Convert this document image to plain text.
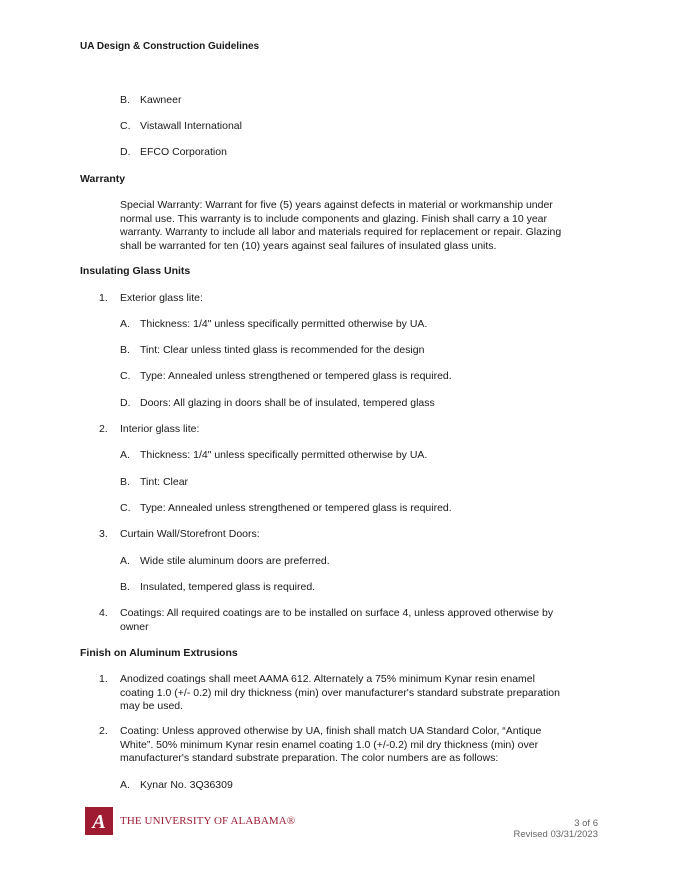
UA Design & Construction Guidelines
B. Kawneer
C. Vistawall International
D. EFCO Corporation
Warranty
Special Warranty: Warrant for five (5) years against defects in material or workmanship under
normal use. This warranty is to include components and glazing. Finish shall carry a 10 year
warranty. Warranty to include all labor and materials required for replacement or repair. Glazing
shall be warranted for ten (10) years against seal failures of insulated glass units.
Insulating Glass Units
1. Exterior glass lite:
A. Thickness: 1/4" unless specifically permitted otherwise by UA.
B. Tint: Clear unless tinted glass is recommended for the design
C. Type: Annealed unless strengthened or tempered glass is required.
D. Doors: All glazing in doors shall be of insulated, tempered glass
2. Interior glass lite:
A. Thickness: 1/4" unless specifically permitted otherwise by UA.
B. Tint: Clear
C. Type: Annealed unless strengthened or tempered glass is required.
3. Curtain Wall/Storefront Doors:
A. Wide stile aluminum doors are preferred.
B. Insulated, tempered glass is required.
4. Coatings: All required coatings are to be installed on surface 4, unless approved otherwise by
owner
Finish on Aluminum Extrusions
1. Anodized coatings shall meet AAMA 612. Alternately a 75% minimum Kynar resin enamel
coating 1.0 (+/- 0.2) mil dry thickness (min) over manufacturer's standard substrate preparation
may be used.
2. Coating: Unless approved otherwise by UA, finish shall match UA Standard Color, “Antique
White”. 50% minimum Kynar resin enamel coating 1.0 (+/-0.2) mil dry thickness (min) over
manufacturer's standard substrate preparation. The color numbers are as follows:
A. Kynar No. 3Q36309
A THE UNIVERSITY OF ALABAMA®	3 of 6
Revised 03/31/2023
